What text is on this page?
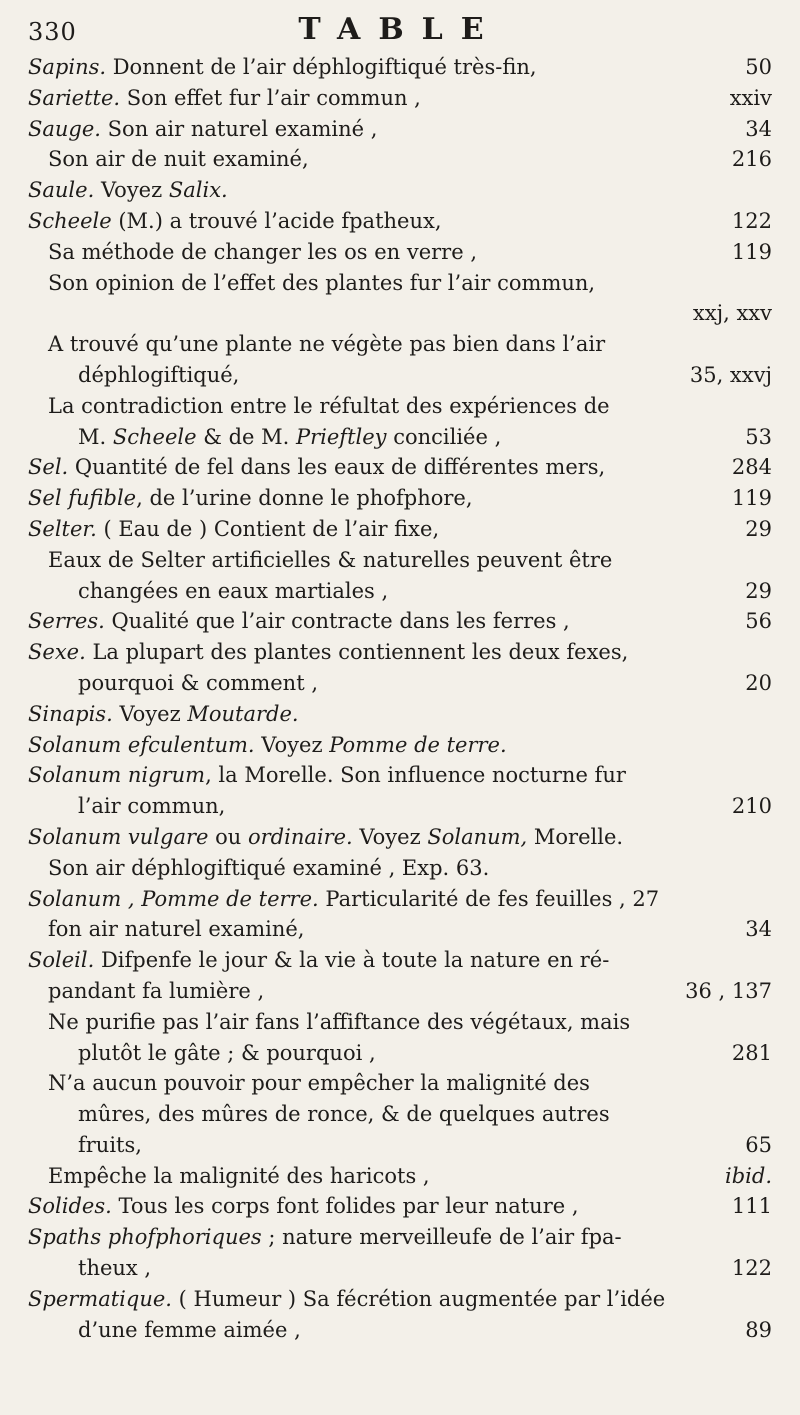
330	TABLE
Sapins. Donnent de l’air déphlogiftiqué très-fin,	50
Sariette. Son effet fur l’air commun ,	xxiv
Sauge. Son air naturel examiné ,	34
Son air de nuit examiné,	216
Saule. Voyez Salix.
Scheele (M.) a trouvé l’acide fpatheux,	122
Sa méthode de changer les os en verre ,	119
Son opinion de l’effet des plantes fur l’air commun,
xxj, xxv
A trouvé qu’une plante ne végète pas bien dans l’air
déphlogiftiqué,	35, xxvj
La contradiction entre le réfultat des expériences de
M. Scheele & de M. Prieftley conciliée ,	53
Sel. Quantité de fel dans les eaux de différentes mers,	284
Sel fufible, de l’urine donne le phofphore,	119
Selter. ( Eau de ) Contient de l’air fixe,	29
Eaux de Selter artificielles & naturelles peuvent être
changées en eaux martiales ,	29
Serres. Qualité que l’air contracte dans les ferres ,	56
Sexe. La plupart des plantes contiennent les deux fexes,
pourquoi & comment ,	20
Sinapis. Voyez Moutarde.
Solanum efculentum. Voyez Pomme de terre.
Solanum nigrum, la Morelle. Son influence nocturne fur
l’air commun,	210
Solanum vulgare ou ordinaire. Voyez Solanum, Morelle.
Son air déphlogiftiqué examiné , Exp. 63.
Solanum , Pomme de terre. Particularité de fes feuilles , 27
fon air naturel examiné,	34
Soleil. Difpenfe le jour & la vie à toute la nature en ré-
pandant fa lumière ,	36 , 137
Ne purifie pas l’air fans l’affiftance des végétaux, mais
plutôt le gâte ; & pourquoi ,	281
N’a aucun pouvoir pour empêcher la malignité des
mûres, des mûres de ronce, & de quelques autres
fruits,	65
Empêche la malignité des haricots ,	ibid.
Solides. Tous les corps font folides par leur nature ,	111
Spaths phofphoriques ; nature merveilleufe de l’air fpa-
theux ,	122
Spermatique. ( Humeur ) Sa fécrétion augmentée par l’idée
d’une femme aimée ,	89
